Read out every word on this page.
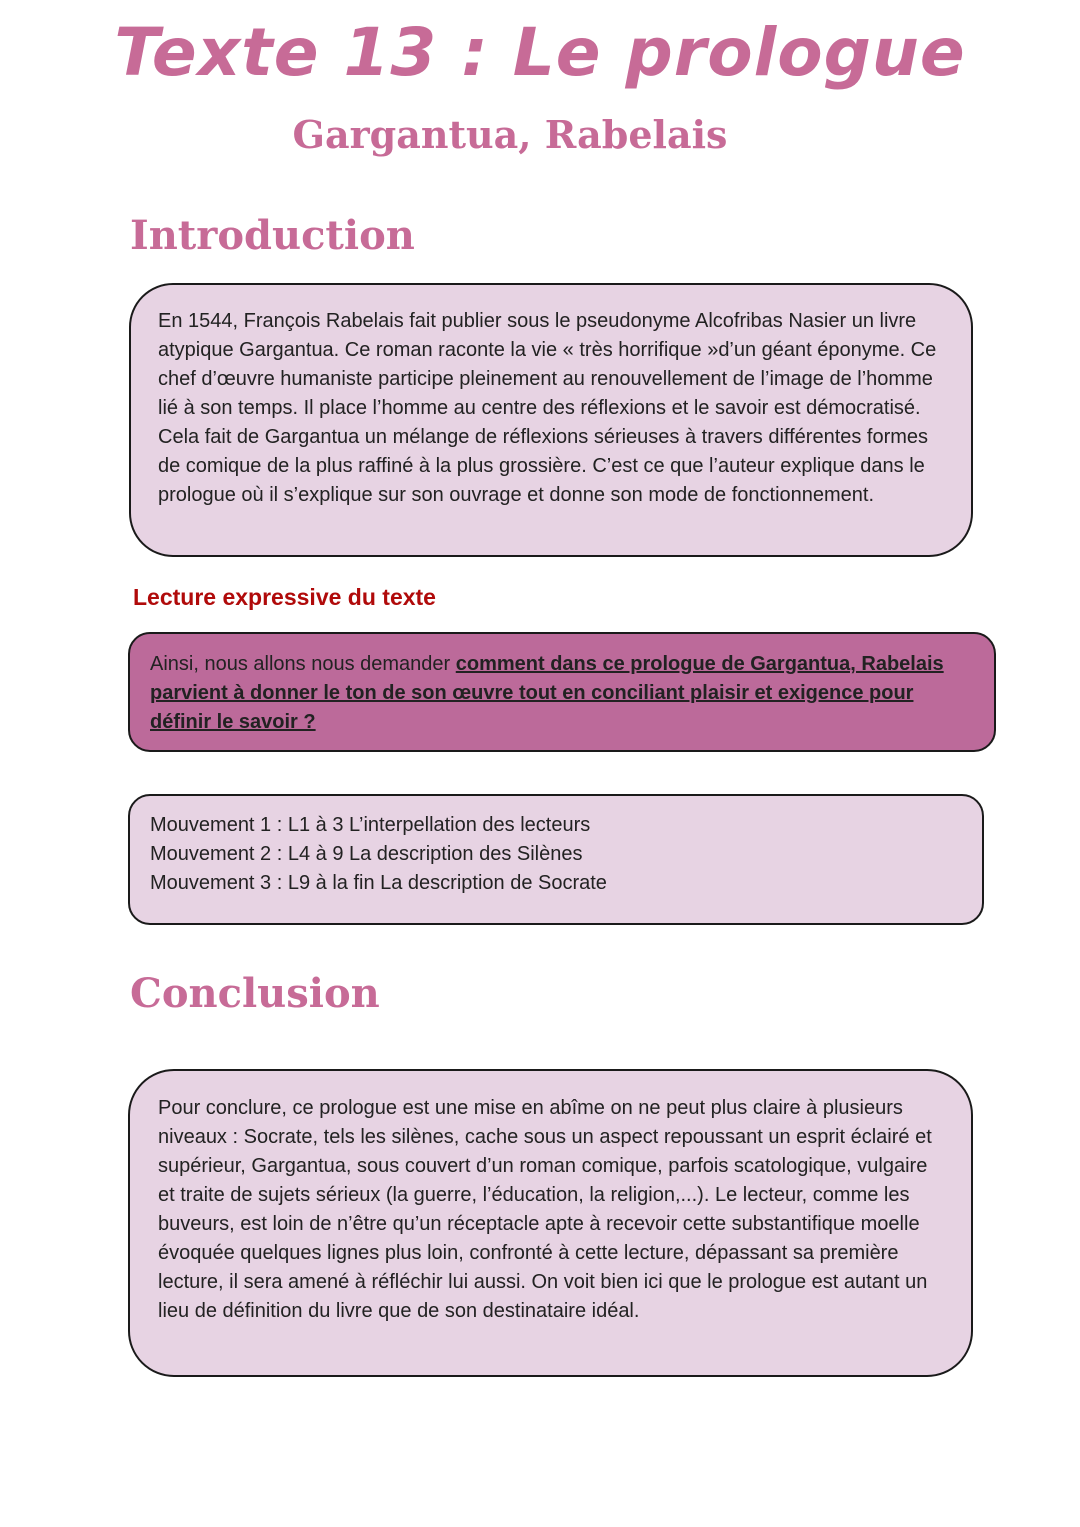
Texte 13 : Le prologue
Gargantua, Rabelais
Introduction

En 1544, François Rabelais fait publier sous le pseudonyme Alcofribas Nasier un livre atypique Gargantua. Ce roman raconte la vie « très horrifique »d’un géant éponyme. Ce chef d’œuvre humaniste participe pleinement au renouvellement de l’image de l’homme lié à son temps. Il place l’homme au centre des réflexions et le savoir est démocratisé. Cela fait de Gargantua un mélange de réflexions sérieuses à travers différentes formes de comique de la plus raffiné à la plus grossière. C’est ce que l’auteur explique dans le prologue où il s’explique sur son ouvrage et donne son mode de fonctionnement.

Lecture expressive du texte

Ainsi, nous allons nous demander comment dans ce prologue de Gargantua, Rabelais parvient à donner le ton de son œuvre tout en conciliant plaisir et exigence pour définir le savoir ?

Mouvement 1 : L1 à 3 L’interpellation des lecteurs

Mouvement 2 : L4 à 9 La description des Silènes

Mouvement 3 : L9 à la fin La description de Socrate

Conclusion

Pour conclure, ce prologue est une mise en abîme on ne peut plus claire à plusieurs niveaux : Socrate, tels les silènes, cache sous un aspect repoussant un esprit éclairé et supérieur, Gargantua, sous couvert d’un roman comique, parfois scatologique, vulgaire et traite de sujets sérieux (la guerre, l’éducation, la religion,...). Le lecteur, comme les buveurs, est loin de n’être qu’un réceptacle apte à recevoir cette substantifique moelle évoquée quelques lignes plus loin, confronté à cette lecture, dépassant sa première lecture, il sera amené à réfléchir lui aussi. On voit bien ici que le prologue est autant un lieu de définition du livre que de son destinataire idéal.
